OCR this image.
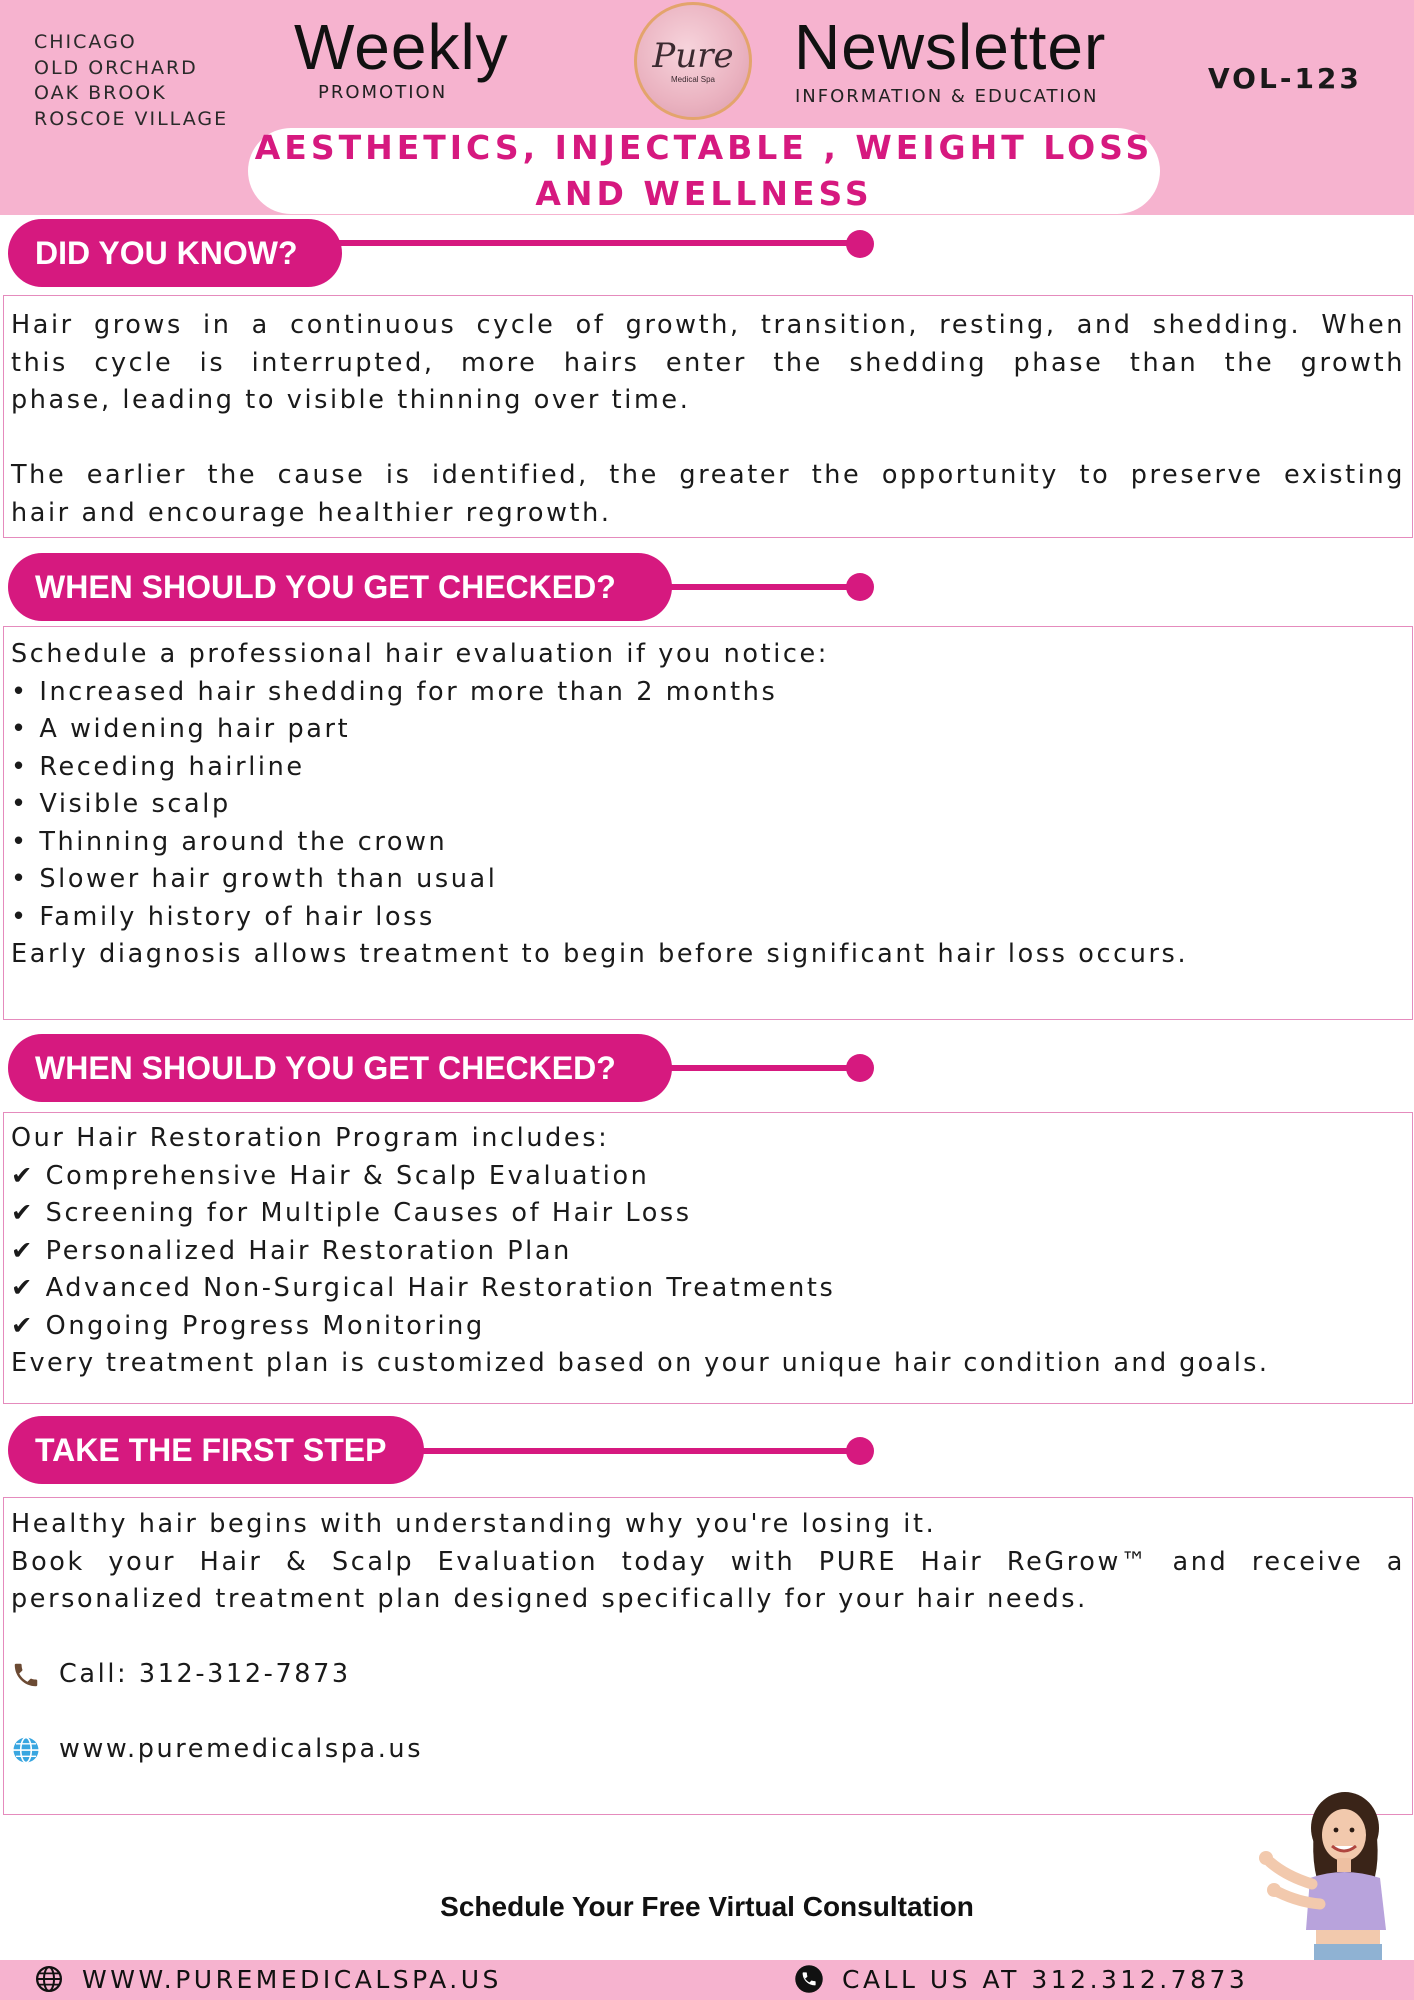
CHICAGO
OLD ORCHARD
OAK BROOK
ROSCOE VILLAGE
Weekly
PROMOTION
Pure
Medical Spa Newsletter
INFORMATION & EDUCATION
VOL-123
AESTHETICS, INJECTABLE , WEIGHT LOSS
AND WELLNESS
DID YOU KNOW?
Hair grows in a continuous cycle of growth, transition, resting, and shedding. When
this cycle is interrupted, more hairs enter the shedding phase than the growth
phase, leading to visible thinning over time.
The earlier the cause is identified, the greater the opportunity to preserve existing
hair and encourage healthier regrowth.
WHEN SHOULD YOU GET CHECKED?
Schedule a professional hair evaluation if you notice:
• Increased hair shedding for more than 2 months
• A widening hair part
• Receding hairline
• Visible scalp
• Thinning around the crown
• Slower hair growth than usual
• Family history of hair loss
Early diagnosis allows treatment to begin before significant hair loss occurs.
WHEN SHOULD YOU GET CHECKED?
Our Hair Restoration Program includes:
✔ Comprehensive Hair & Scalp Evaluation
✔ Screening for Multiple Causes of Hair Loss
✔ Personalized Hair Restoration Plan
✔ Advanced Non-Surgical Hair Restoration Treatments
✔ Ongoing Progress Monitoring
Every treatment plan is customized based on your unique hair condition and goals.
TAKE THE FIRST STEP
Healthy hair begins with understanding why you're losing it.
Book your Hair & Scalp Evaluation today with PURE Hair ReGrow™ and receive a
personalized treatment plan designed specifically for your hair needs.
Call: 312-312-7873
www.puremedicalspa.us
Schedule Your Free Virtual Consultation
WWW.PUREMEDICALSPA.US	CALL US AT 312.312.7873
